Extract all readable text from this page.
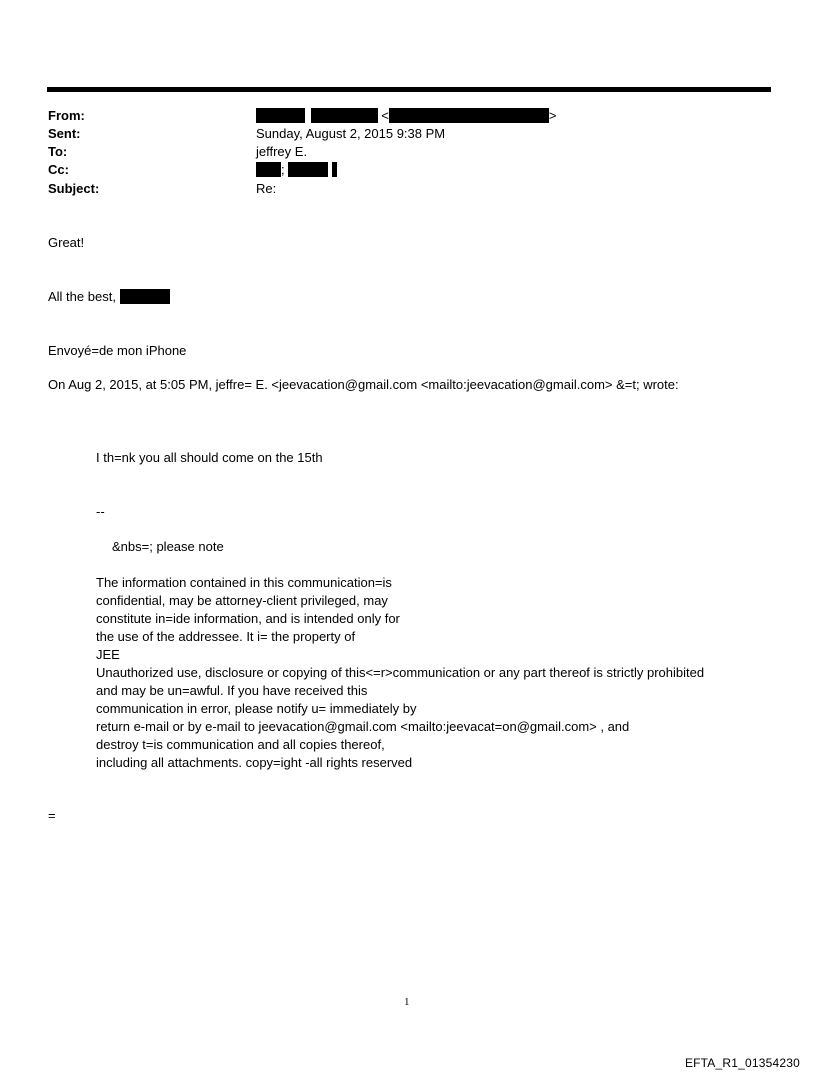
From:	<	>
Sent:	Sunday, August 2, 2015 9:38 PM
To:	jeffrey E.
Cc:	;
Subject:	Re:
Great!
All the best,
Envoyé=de mon iPhone
On Aug 2, 2015, at 5:05 PM, jeffre= E. <jeevacation@gmail.com <mailto:jeevacation@gmail.com> &=t; wrote:
I th=nk you all should come on the 15th
--
&nbs=; please note
The information contained in this communication=is
confidential, may be attorney-client privileged, may
constitute in=ide information, and is intended only for
the use of the addressee. It i= the property of
JEE
Unauthorized use, disclosure or copying of this<=r>communication or any part thereof is strictly prohibited
and may be un=awful. If you have received this
communication in error, please notify u= immediately by
return e-mail or by e-mail to jeevacation@gmail.com <mailto:jeevacat=on@gmail.com> , and
destroy t=is communication and all copies thereof,
including all attachments. copy=ight -all rights reserved
=
1
EFTA_R1_01354230
